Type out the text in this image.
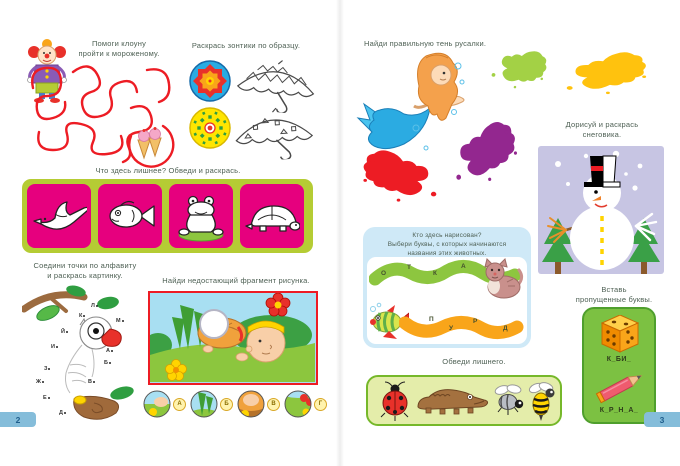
Помоги клоуну
пройти к мороженому.
Раскрась зонтики по образцу.
Что здесь лишнее? Обведи и раскрась.
Соедини точки по алфавиту
и раскрась картинку.
А
Б
В
Д
Е
Ж
З
И
Й
К
Л
М
Найди недостающий фрагмент рисунка.
А	Б	В	Г
2
Найди правильную тень русалки.
Дорисуй и раскрась
снеговика.
Кто здесь нарисован?
Выбери буквы, с которых начинаются
названия этих животных.
О
Т
К
А
П
У
Р
Д
Обведи лишнего.
Вставь
пропущенные буквы.
К_БИ_
К_Р_Н_А_
3
